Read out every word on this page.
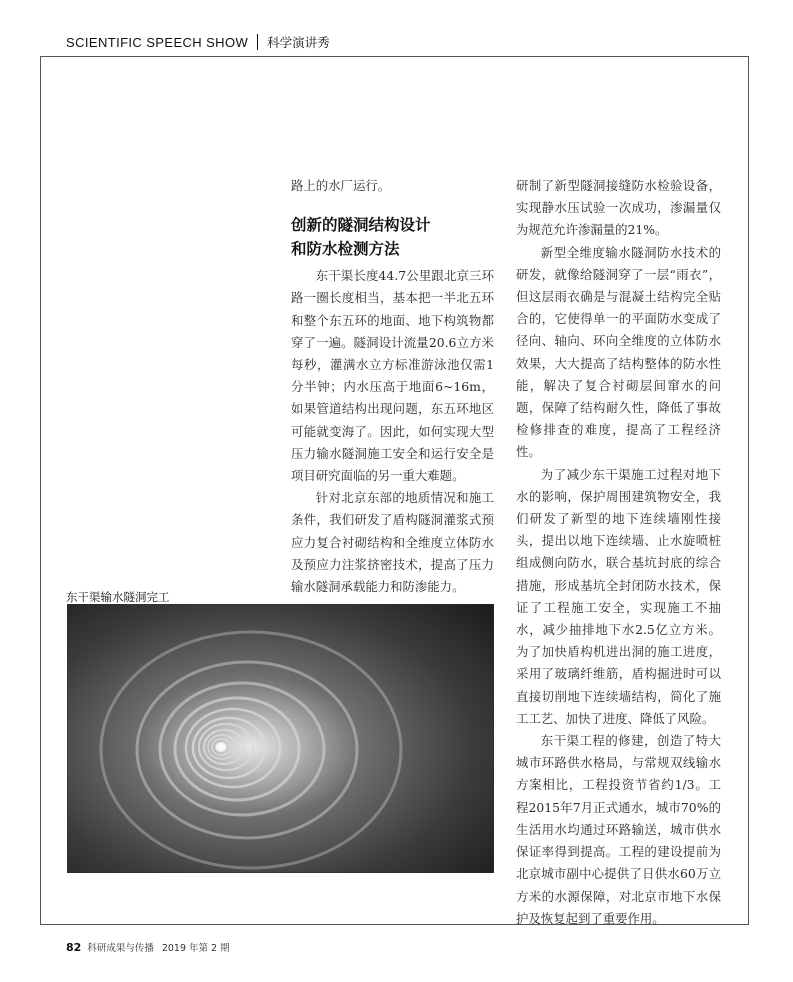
SCIENTIFIC SPEECH SHOW 科学演讲秀

路上的水厂运行。

创新的隧洞结构设计
和防水检测方法

东干渠长度44.7公里跟北京三环路一圈长度相当，基本把一半北五环和整个东五环的地面、地下构筑物都穿了一遍。隧洞设计流量20.6立方米每秒，灌满水立方标准游泳池仅需1分半钟；内水压高于地面6~16m，如果管道结构出现问题，东五环地区可能就变海了。因此，如何实现大型压力输水隧洞施工安全和运行安全是项目研究面临的另一重大难题。

针对北京东部的地质情况和施工条件，我们研发了盾构隧洞灌浆式预应力复合衬砌结构和全维度立体防水及预应力注浆挤密技术，提高了压力输水隧洞承载能力和防渗能力。

研制了新型隧洞接缝防水检验设备，实现静水压试验一次成功，渗漏量仅为规范允许渗漏量的21%。

新型全维度输水隧洞防水技术的研发，就像给隧洞穿了一层“雨衣”，但这层雨衣确是与混凝土结构完全贴合的，它使得单一的平面防水变成了径向、轴向、环向全维度的立体防水效果，大大提高了结构整体的防水性能，解决了复合衬砌层间窜水的问题，保障了结构耐久性，降低了事故检修排查的难度，提高了工程经济性。

为了减少东干渠施工过程对地下水的影响，保护周围建筑物安全，我们研发了新型的地下连续墙刚性接头，提出以地下连续墙、止水旋喷桩组成侧向防水，联合基坑封底的综合措施，形成基坑全封闭防水技术，保证了工程施工安全，实现施工不抽水，减少抽排地下水2.5亿立方米。为了加快盾构机进出洞的施工进度，采用了玻璃纤维筋，盾构掘进时可以直接切削地下连续墙结构，简化了施工工艺、加快了进度、降低了风险。

东干渠工程的修建，创造了特大城市环路供水格局，与常规双线输水方案相比，工程投资节省约1/3。工程2015年7月正式通水，城市70%的生活用水均通过环路输送，城市供水保证率得到提高。工程的建设提前为北京城市副中心提供了日供水60万立方米的水源保障，对北京市地下水保护及恢复起到了重要作用。

东干渠输水隧洞完工
82 科研成果与传播 2019 年第 2 期
